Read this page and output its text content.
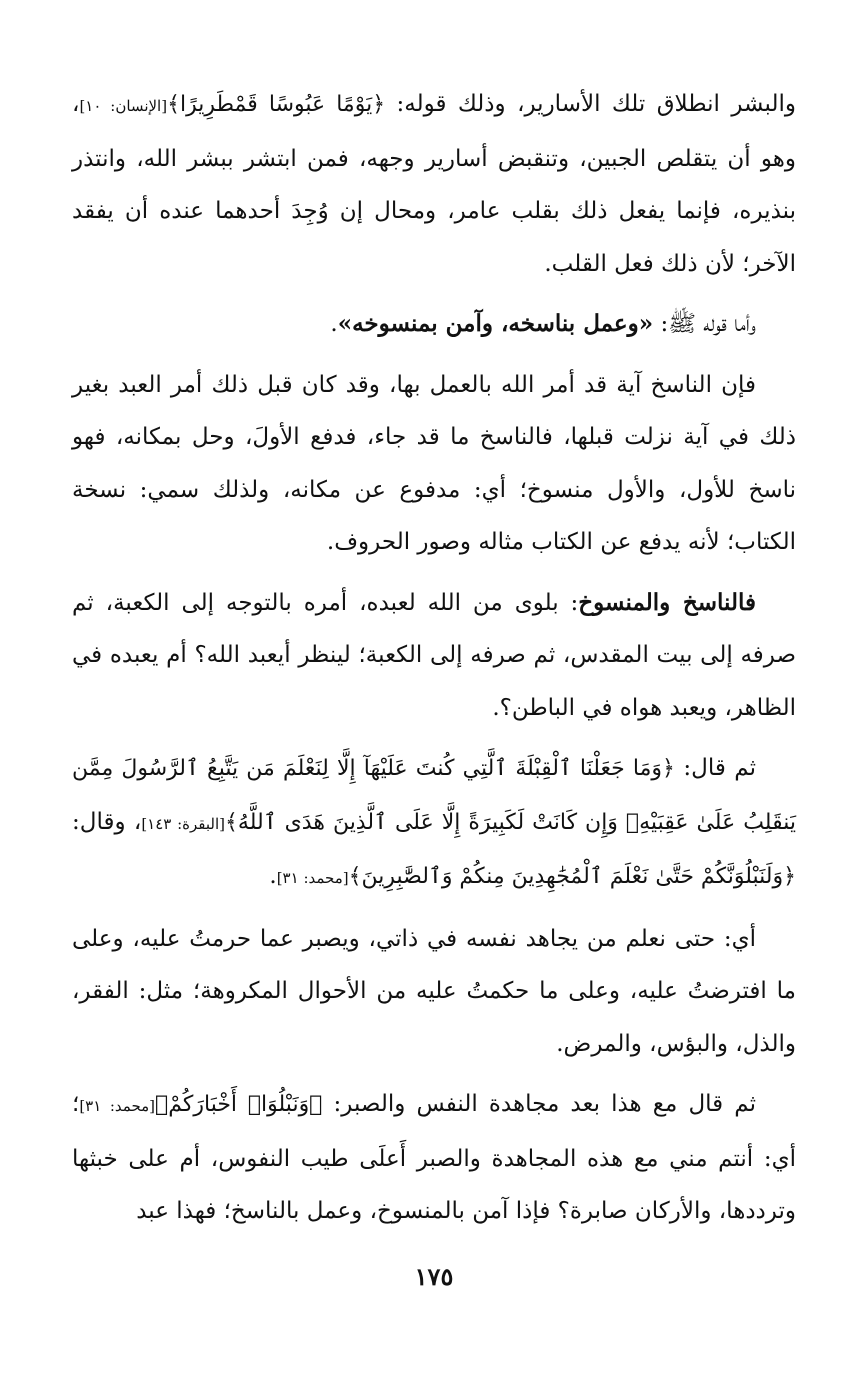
والبشر انطلاق تلك الأسارير، وذلك قوله: ﴿يَوْمًا عَبُوسًا قَمْطَرِيرًا﴾[الإنسان: ١٠]، وهو أن يتقلص الجبين، وتنقبض أسارير وجهه، فمن ابتشر ببشر الله، وانتذر بنذيره، فإنما يفعل ذلك بقلب عامر، ومحال إن وُجِدَ أحدهما عنده أن يفقد الآخر؛ لأن ذلك فعل القلب.

وأما قوله ﷺ: «وعمل بناسخه، وآمن بمنسوخه».

فإن الناسخ آية قد أمر الله بالعمل بها، وقد كان قبل ذلك أمر العبد بغير ذلك في آية نزلت قبلها، فالناسخ ما قد جاء، فدفع الأولَ، وحل بمكانه، فهو ناسخ للأول، والأول منسوخ؛ أي: مدفوع عن مكانه، ولذلك سمي: نسخة الكتاب؛ لأنه يدفع عن الكتاب مثاله وصور الحروف.

فالناسخ والمنسوخ: بلوى من الله لعبده، أمره بالتوجه إلى الكعبة، ثم صرفه إلى بيت المقدس، ثم صرفه إلى الكعبة؛ لينظر أيعبد الله؟ أم يعبده في الظاهر، ويعبد هواه في الباطن؟.

ثم قال: ﴿وَمَا جَعَلْنَا ٱلْقِبْلَةَ ٱلَّتِي كُنتَ عَلَيْهَآ إِلَّا لِنَعْلَمَ مَن يَتَّبِعُ ٱلرَّسُولَ مِمَّن يَنقَلِبُ عَلَىٰ عَقِبَيْهِۚ وَإِن كَانَتْ لَكَبِيرَةً إِلَّا عَلَى ٱلَّذِينَ هَدَى ٱللَّهُ﴾[البقرة: ١٤٣]، وقال: ﴿وَلَنَبْلُوَنَّكُمْ حَتَّىٰ نَعْلَمَ ٱلْمُجَٰهِدِينَ مِنكُمْ وَٱلصَّٰبِرِينَ﴾[محمد: ٣١].

أي: حتى نعلم من يجاهد نفسه في ذاتي، ويصبر عما حرمتُ عليه، وعلى ما افترضتُ عليه، وعلى ما حكمتُ عليه من الأحوال المكروهة؛ مثل: الفقر، والذل، والبؤس، والمرض.

ثم قال مع هذا بعد مجاهدة النفس والصبر: ﴿وَنَبْلُوَا۟ أَخْبَارَكُمْ﴾[محمد: ٣١]؛ أي: أنتم مني مع هذه المجاهدة والصبر أَعلَى طيب النفوس، أم على خبثها وترددها، والأركان صابرة؟ فإذا آمن بالمنسوخ، وعمل بالناسخ؛ فهذا عبد

١٧٥
